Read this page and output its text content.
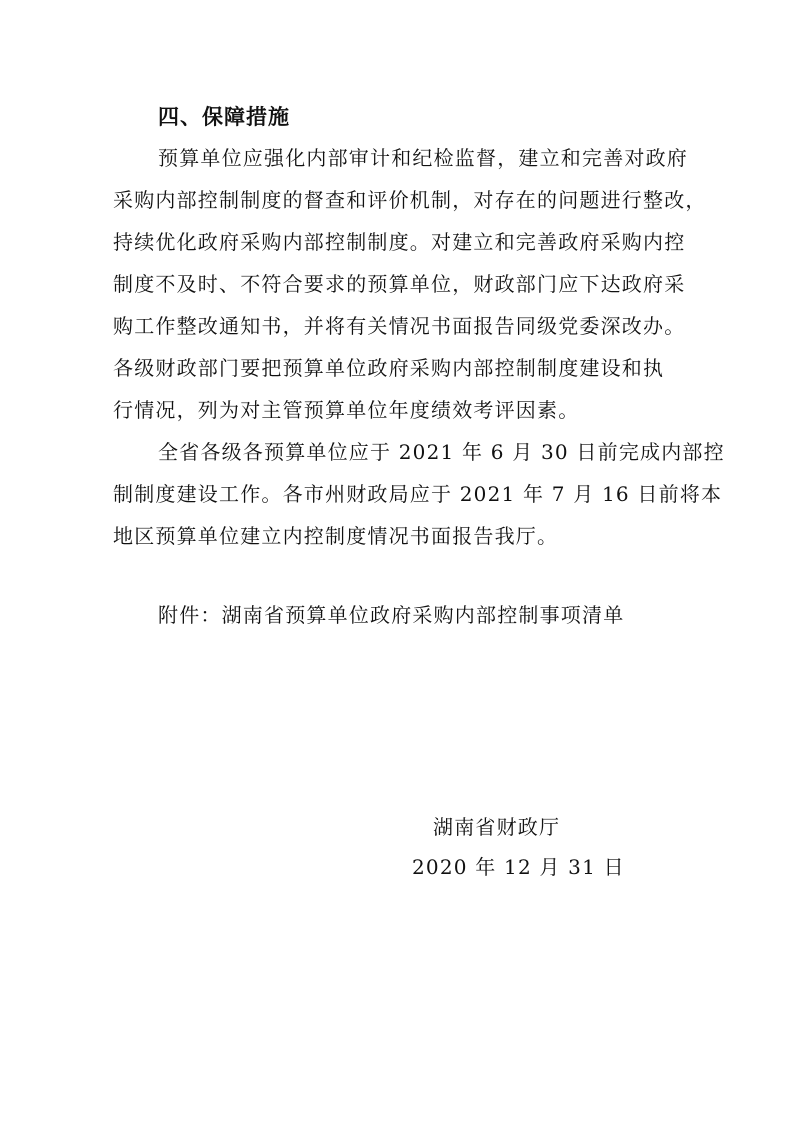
四、保障措施
预算单位应强化内部审计和纪检监督，建立和完善对政府
采购内部控制制度的督查和评价机制，对存在的问题进行整改，
持续优化政府采购内部控制制度。对建立和完善政府采购内控
制度不及时、不符合要求的预算单位，财政部门应下达政府采
购工作整改通知书，并将有关情况书面报告同级党委深改办。
各级财政部门要把预算单位政府采购内部控制制度建设和执
行情况，列为对主管预算单位年度绩效考评因素。
全省各级各预算单位应于 2021 年 6 月 30 日前完成内部控
制制度建设工作。各市州财政局应于 2021 年 7 月 16 日前将本
地区预算单位建立内控制度情况书面报告我厅。
附件：湖南省预算单位政府采购内部控制事项清单
湖南省财政厅
2020 年 12 月 31 日
